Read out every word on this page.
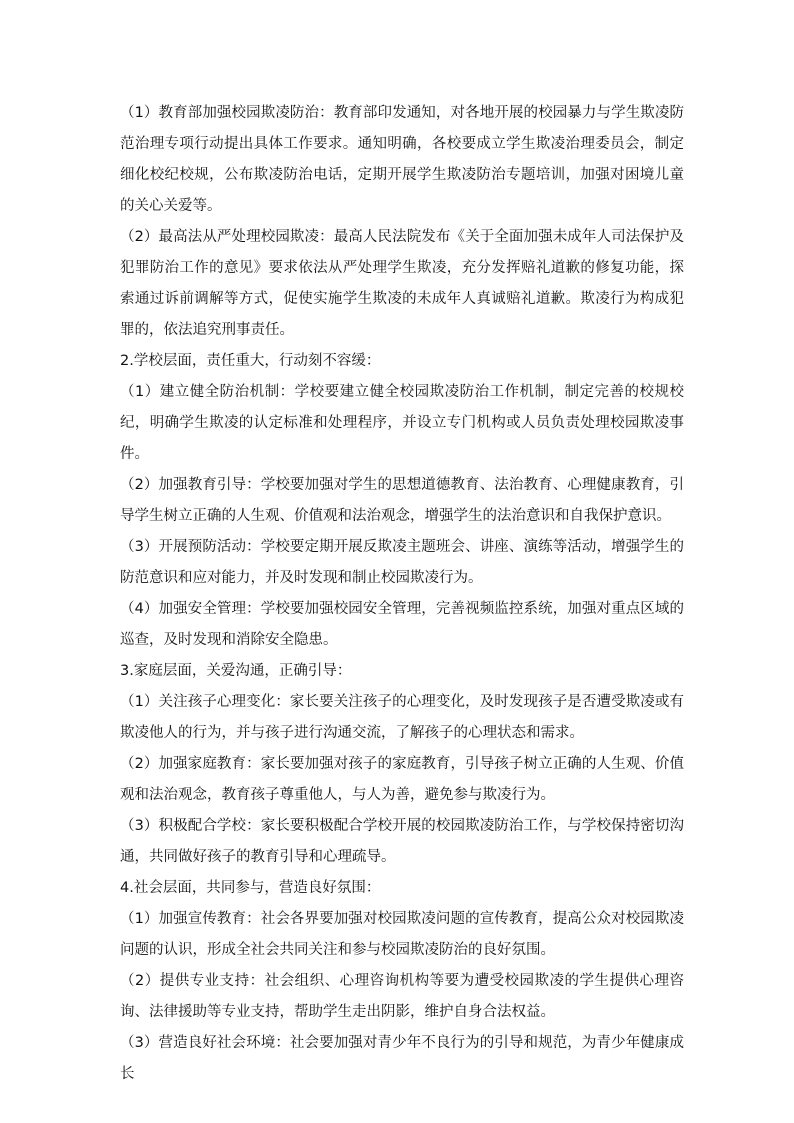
（1）教育部加强校园欺凌防治：教育部印发通知，对各地开展的校园暴力与学生欺凌防范治理专项行动提出具体工作要求。通知明确，各校要成立学生欺凌治理委员会，制定细化校纪校规，公布欺凌防治电话，定期开展学生欺凌防治专题培训，加强对困境儿童的关心关爱等。

（2）最高法从严处理校园欺凌：最高人民法院发布《关于全面加强未成年人司法保护及犯罪防治工作的意见》要求依法从严处理学生欺凌，充分发挥赔礼道歉的修复功能，探索通过诉前调解等方式，促使实施学生欺凌的未成年人真诚赔礼道歉。欺凌行为构成犯罪的，依法追究刑事责任。

2.学校层面，责任重大，行动刻不容缓：

（1）建立健全防治机制：学校要建立健全校园欺凌防治工作机制，制定完善的校规校纪，明确学生欺凌的认定标准和处理程序，并设立专门机构或人员负责处理校园欺凌事件。

（2）加强教育引导：学校要加强对学生的思想道德教育、法治教育、心理健康教育，引导学生树立正确的人生观、价值观和法治观念，增强学生的法治意识和自我保护意识。

（3）开展预防活动：学校要定期开展反欺凌主题班会、讲座、演练等活动，增强学生的防范意识和应对能力，并及时发现和制止校园欺凌行为。

（4）加强安全管理：学校要加强校园安全管理，完善视频监控系统，加强对重点区域的巡查，及时发现和消除安全隐患。

3.家庭层面，关爱沟通，正确引导：

（1）关注孩子心理变化：家长要关注孩子的心理变化，及时发现孩子是否遭受欺凌或有欺凌他人的行为，并与孩子进行沟通交流，了解孩子的心理状态和需求。

（2）加强家庭教育：家长要加强对孩子的家庭教育，引导孩子树立正确的人生观、价值观和法治观念，教育孩子尊重他人，与人为善，避免参与欺凌行为。

（3）积极配合学校：家长要积极配合学校开展的校园欺凌防治工作，与学校保持密切沟通，共同做好孩子的教育引导和心理疏导。

4.社会层面，共同参与，营造良好氛围：

（1）加强宣传教育：社会各界要加强对校园欺凌问题的宣传教育，提高公众对校园欺凌问题的认识，形成全社会共同关注和参与校园欺凌防治的良好氛围。

（2）提供专业支持：社会组织、心理咨询机构等要为遭受校园欺凌的学生提供心理咨询、法律援助等专业支持，帮助学生走出阴影，维护自身合法权益。

（3）营造良好社会环境：社会要加强对青少年不良行为的引导和规范，为青少年健康成长
